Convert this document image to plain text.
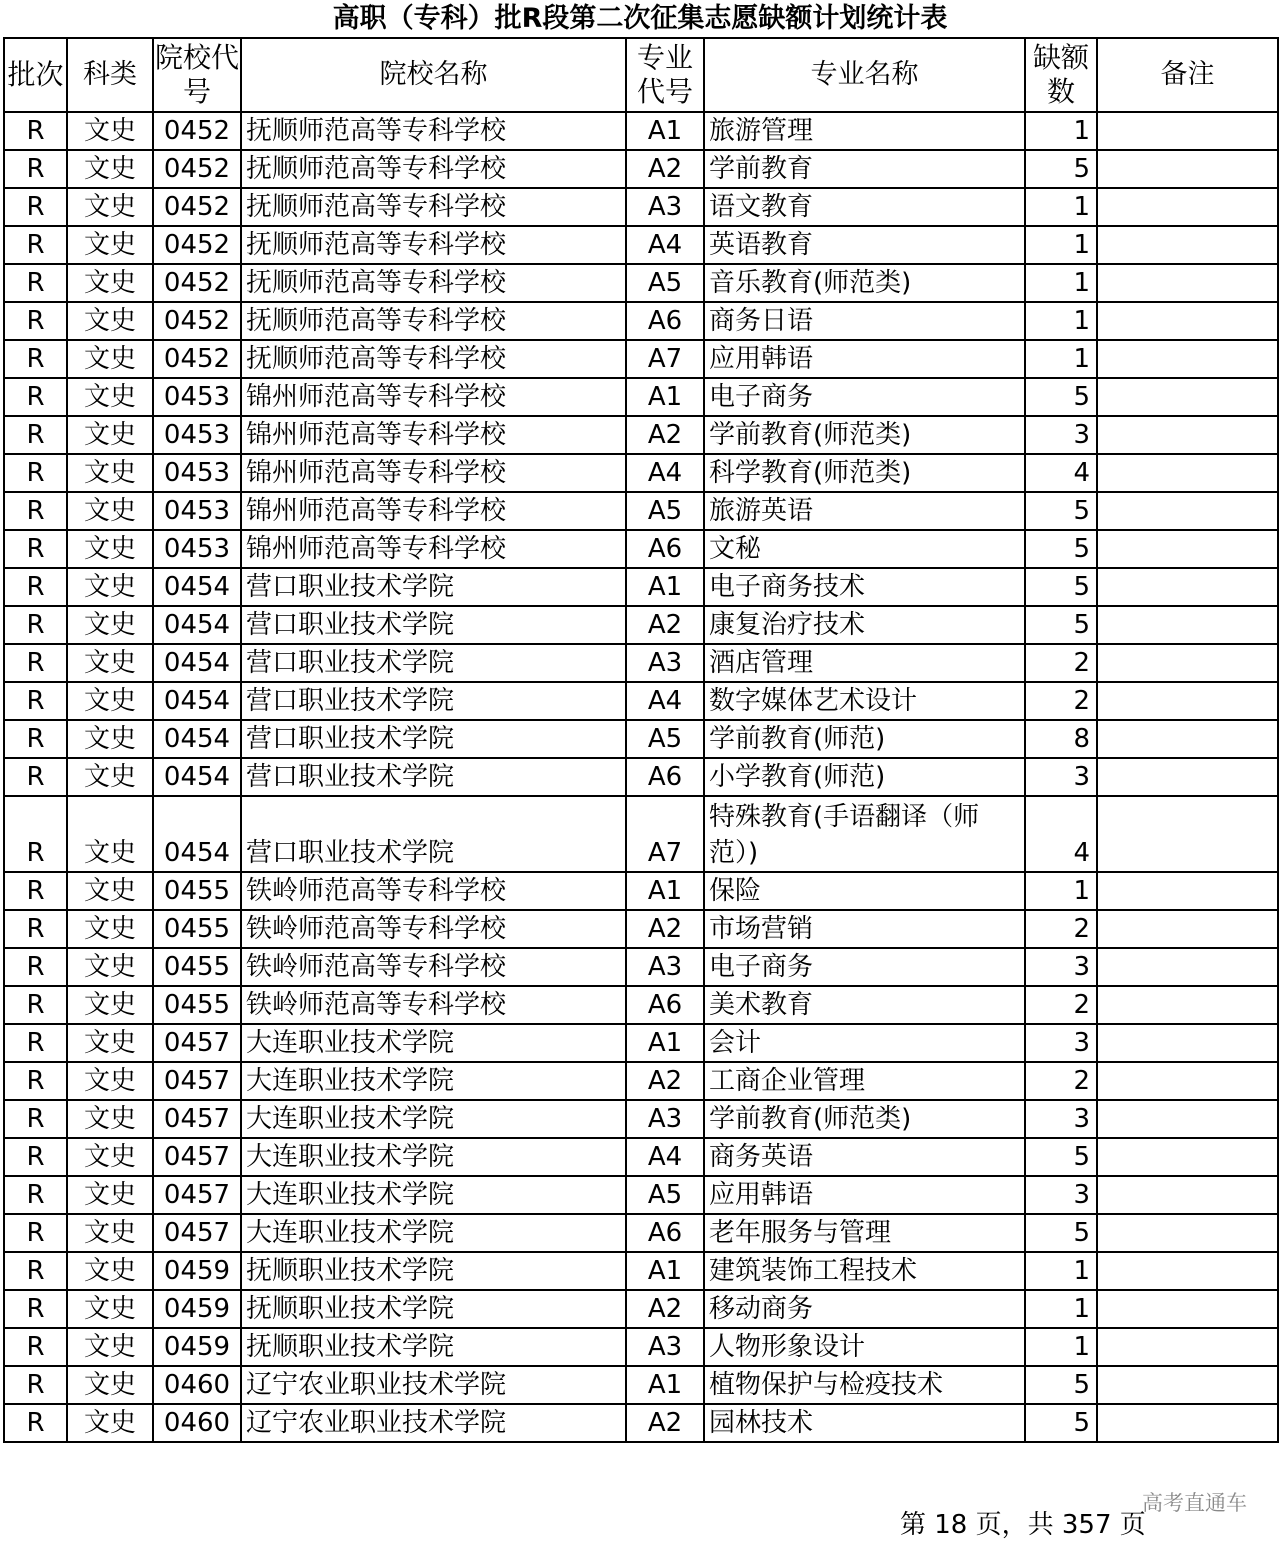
高职（专科）批R段第二次征集志愿缺额计划统计表
批次	科类	院校代号	院校名称	专业代号	专业名称	缺额数	备注
R	文史	0452	抚顺师范高等专科学校	A1	旅游管理	1	
R	文史	0452	抚顺师范高等专科学校	A2	学前教育	5	
R	文史	0452	抚顺师范高等专科学校	A3	语文教育	1	
R	文史	0452	抚顺师范高等专科学校	A4	英语教育	1	
R	文史	0452	抚顺师范高等专科学校	A5	音乐教育(师范类)	1	
R	文史	0452	抚顺师范高等专科学校	A6	商务日语	1	
R	文史	0452	抚顺师范高等专科学校	A7	应用韩语	1	
R	文史	0453	锦州师范高等专科学校	A1	电子商务	5	
R	文史	0453	锦州师范高等专科学校	A2	学前教育(师范类)	3	
R	文史	0453	锦州师范高等专科学校	A4	科学教育(师范类)	4	
R	文史	0453	锦州师范高等专科学校	A5	旅游英语	5	
R	文史	0453	锦州师范高等专科学校	A6	文秘	5	
R	文史	0454	营口职业技术学院	A1	电子商务技术	5	
R	文史	0454	营口职业技术学院	A2	康复治疗技术	5	
R	文史	0454	营口职业技术学院	A3	酒店管理	2	
R	文史	0454	营口职业技术学院	A4	数字媒体艺术设计	2	
R	文史	0454	营口职业技术学院	A5	学前教育(师范)	8	
R	文史	0454	营口职业技术学院	A6	小学教育(师范)	3	
R	文史	0454	营口职业技术学院	A7	特殊教育(手语翻译（师范）)	4	
R	文史	0455	铁岭师范高等专科学校	A1	保险	1	
R	文史	0455	铁岭师范高等专科学校	A2	市场营销	2	
R	文史	0455	铁岭师范高等专科学校	A3	电子商务	3	
R	文史	0455	铁岭师范高等专科学校	A6	美术教育	2	
R	文史	0457	大连职业技术学院	A1	会计	3	
R	文史	0457	大连职业技术学院	A2	工商企业管理	2	
R	文史	0457	大连职业技术学院	A3	学前教育(师范类)	3	
R	文史	0457	大连职业技术学院	A4	商务英语	5	
R	文史	0457	大连职业技术学院	A5	应用韩语	3	
R	文史	0457	大连职业技术学院	A6	老年服务与管理	5	
R	文史	0459	抚顺职业技术学院	A1	建筑装饰工程技术	1	
R	文史	0459	抚顺职业技术学院	A2	移动商务	1	
R	文史	0459	抚顺职业技术学院	A3	人物形象设计	1	
R	文史	0460	辽宁农业职业技术学院	A1	植物保护与检疫技术	5	
R	文史	0460	辽宁农业职业技术学院	A2	园林技术	5	
第 18 页，共 357 页
高考直通车
